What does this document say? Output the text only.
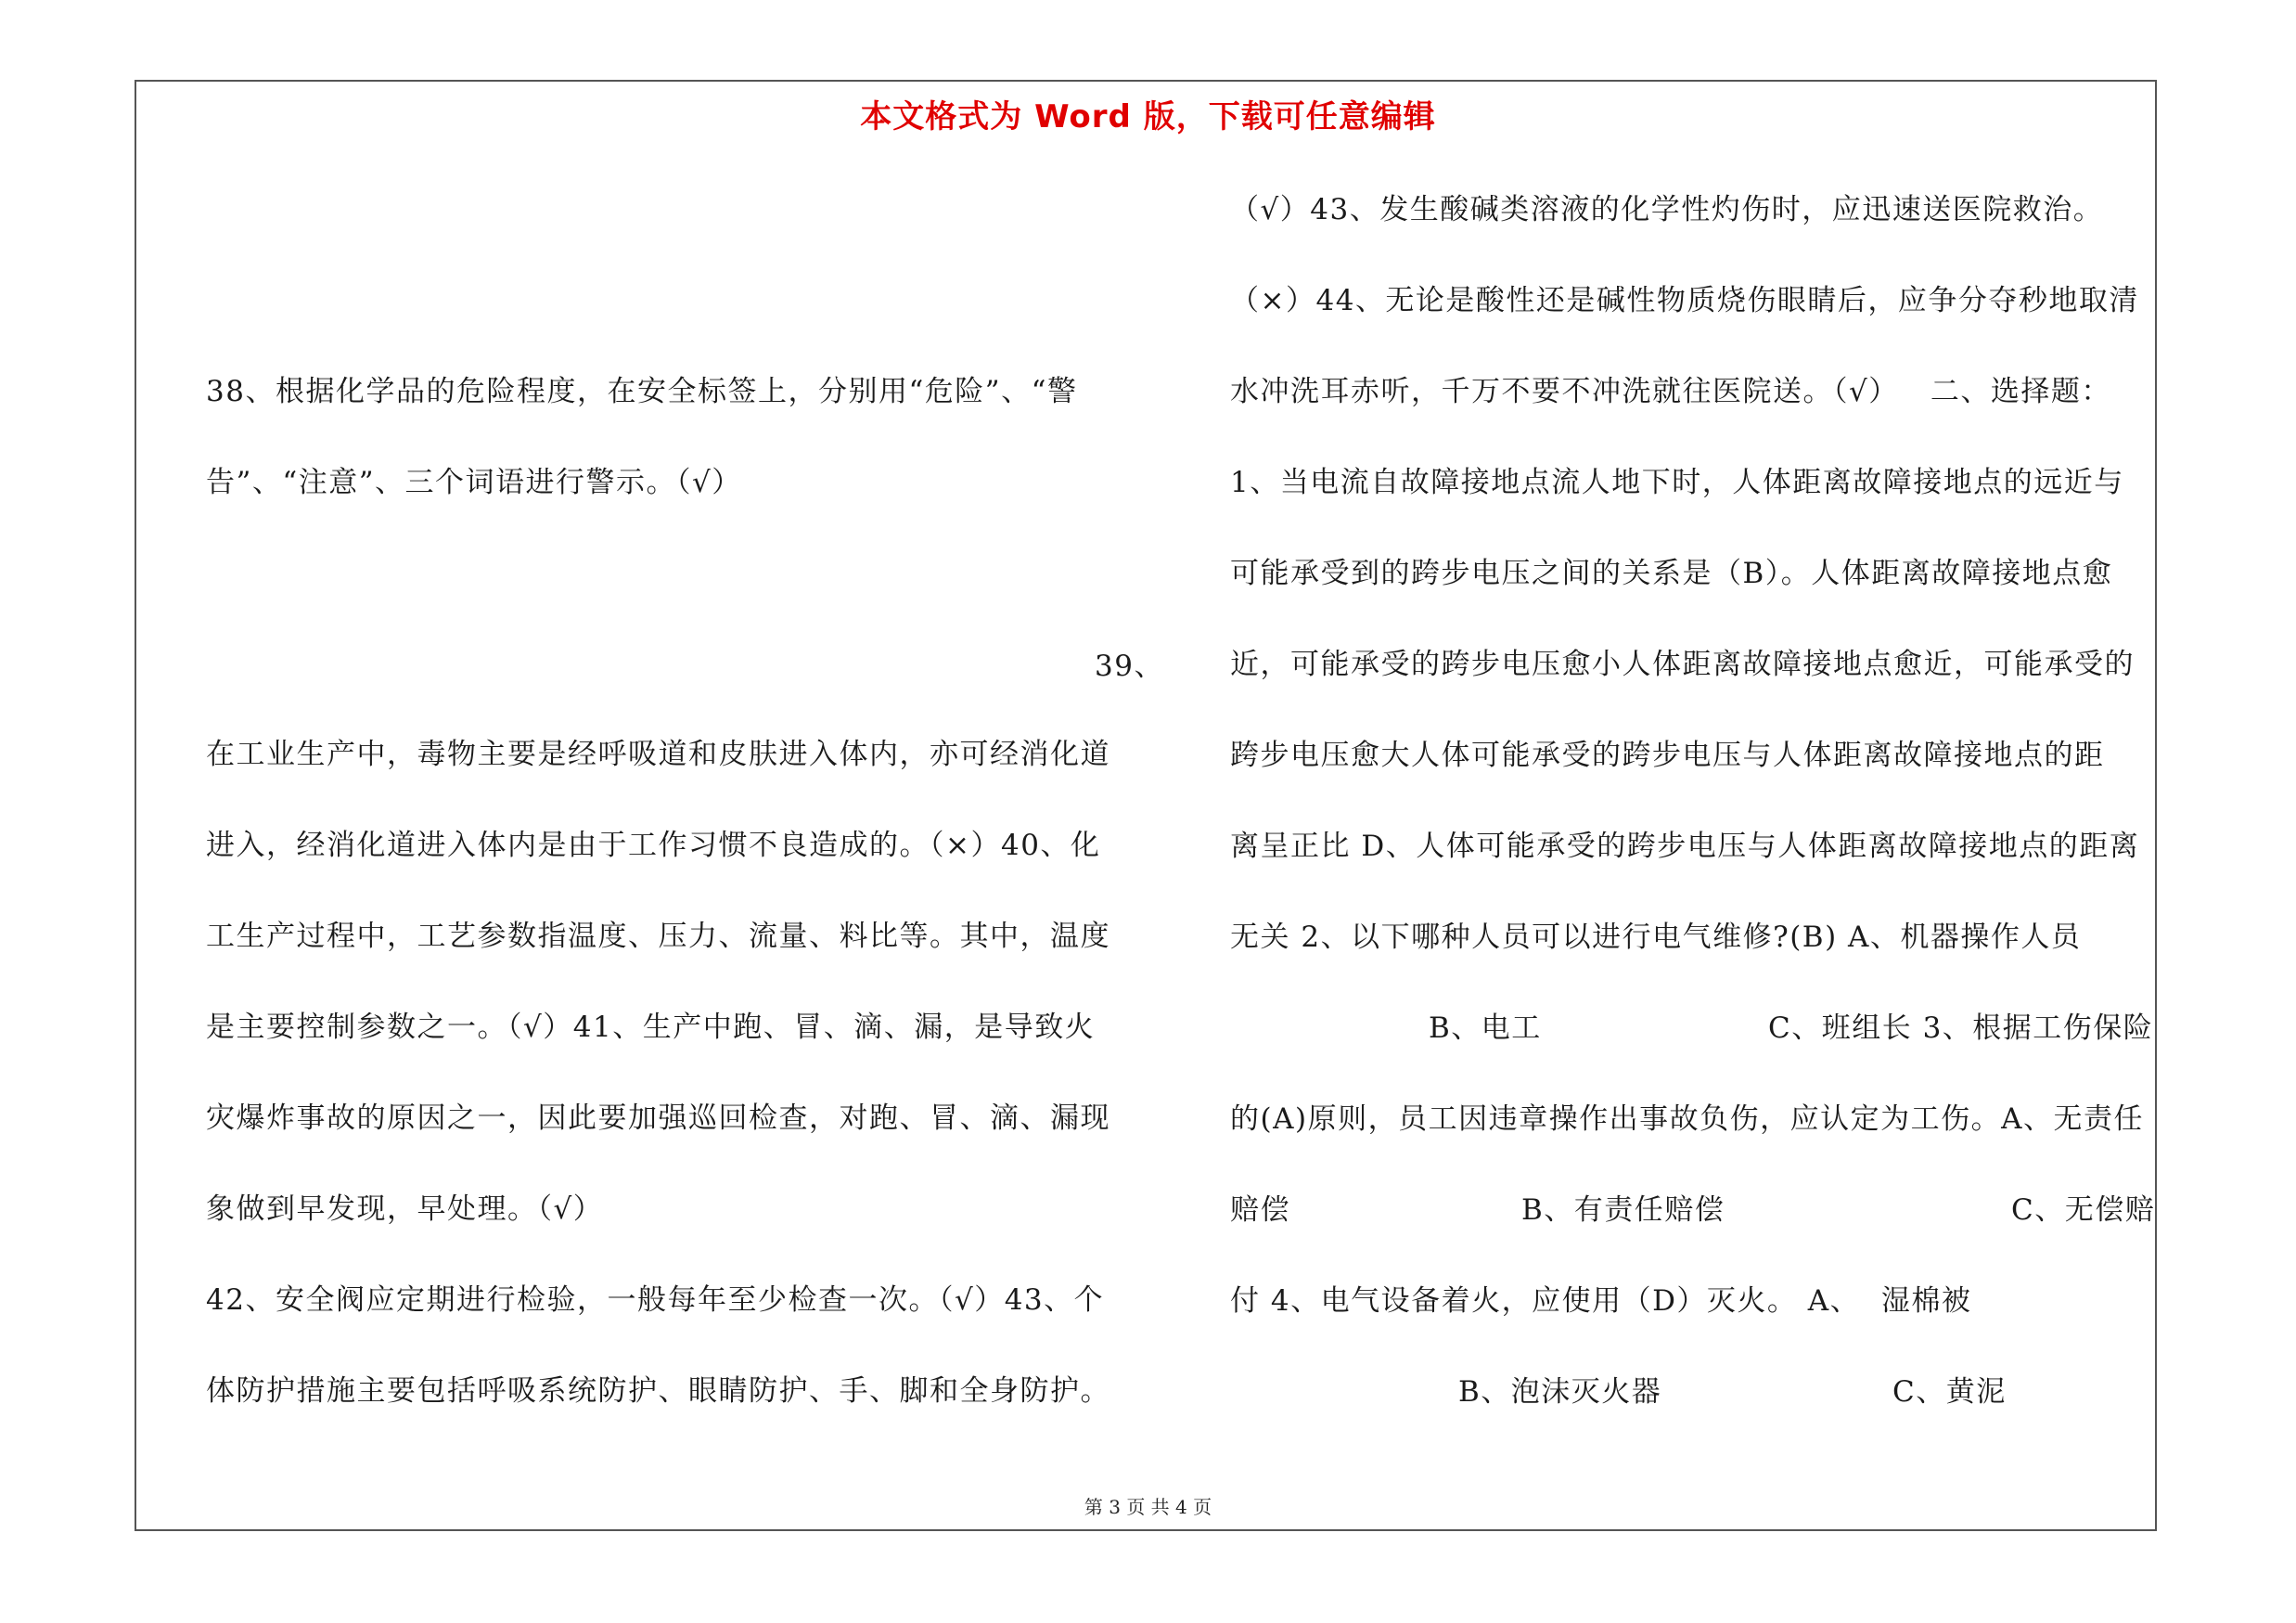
本文格式为 Word 版，下载可任意编辑
38、根据化学品的危险程度，在安全标签上，分别用“危险”、“警
告”、“注意”、三个词语进行警示。（√）
39、
在工业生产中，毒物主要是经呼吸道和皮肤进入体内，亦可经消化道
进入，经消化道进入体内是由于工作习惯不良造成的。（×）40、化
工生产过程中，工艺参数指温度、压力、流量、料比等。其中，温度
是主要控制参数之一。（√）41、生产中跑、冒、滴、漏，是导致火
灾爆炸事故的原因之一，因此要加强巡回检查，对跑、冒、滴、漏现
象做到早发现，早处理。（√）
42、安全阀应定期进行检验，一般每年至少检查一次。（√）43、个
体防护措施主要包括呼吸系统防护、眼睛防护、手、脚和全身防护。
（√）43、发生酸碱类溶液的化学性灼伤时，应迅速送医院救治。
（×）44、无论是酸性还是碱性物质烧伤眼睛后，应争分夺秒地取清
水冲洗耳赤听，千万不要不冲洗就往医院送。（√）   二、选择题：
1、当电流自故障接地点流人地下时，人体距离故障接地点的远近与
可能承受到的跨步电压之间的关系是（B）。人体距离故障接地点愈
近，可能承受的跨步电压愈小人体距离故障接地点愈近，可能承受的
跨步电压愈大人体可能承受的跨步电压与人体距离故障接地点的距
离呈正比 D、人体可能承受的跨步电压与人体距离故障接地点的距离
无关 2、以下哪种人员可以进行电气维修?(B) A、机器操作人员
B、电工	C、班组长 3、根据工伤保险
的(A)原则，员工因违章操作出事故负伤，应认定为工伤。A、无责任
赔偿	B、有责任赔偿	C、无偿赔
付 4、电气设备着火，应使用（D）灭火。 A、  湿棉被
B、泡沫灭火器	C、黄泥
第 3 页 共 4 页
